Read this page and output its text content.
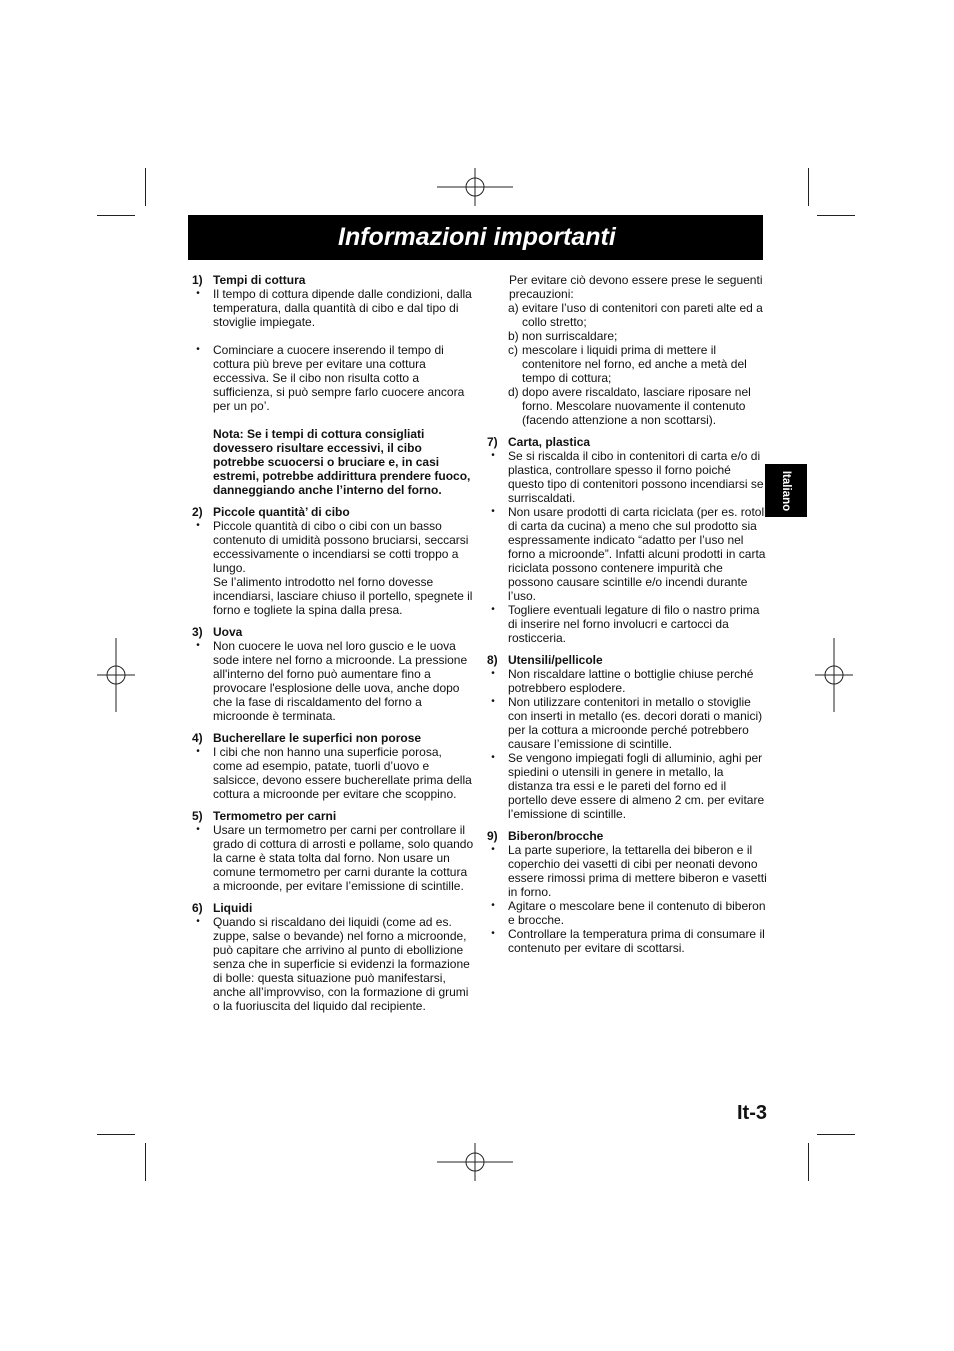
Informazioni importanti
Italiano
1) Tempi di cottura
•	Il tempo di cottura dipende dalle condizioni, dalla temperatura, dalla quantità di cibo e dal tipo di stoviglie impiegate.
•	Cominciare a cuocere inserendo il tempo di cottura più breve per evitare una cottura eccessiva. Se il cibo non risulta cotto a sufficienza, si può sempre farlo cuocere ancora per un po’.
Nota: Se i tempi di cottura consigliati dovessero risultare eccessivi, il cibo potrebbe scuocersi o bruciare e, in casi estremi, potrebbe addirittura prendere fuoco, danneggiando anche l’interno del forno.
2) Piccole quantità’ di cibo
•	Piccole quantità di cibo o cibi con un basso contenuto di umidità possono bruciarsi, seccarsi eccessivamente o incendiarsi se cotti troppo a lungo.
Se l’alimento introdotto nel forno dovesse incendiarsi, lasciare chiuso il portello, spegnete il forno e togliete la spina dalla presa.
3) Uova
•	Non cuocere le uova nel loro guscio e le uova sode intere nel forno a microonde. La pressione all'interno del forno può aumentare fino a provocare l'esplosione delle uova, anche dopo che la fase di riscaldamento del forno a microonde è terminata.
4) Bucherellare le superfici non porose
•	I cibi che non hanno una superficie porosa, come ad esempio, patate, tuorli d’uovo e salsicce, devono essere bucherellate prima della cottura a microonde per evitare che scoppino.
5) Termometro per carni
•	Usare un termometro per carni per controllare il grado di cottura di arrosti e pollame, solo quando la carne è stata tolta dal forno. Non usare un comune termometro per carni durante la cottura a microonde, per evitare l’emissione di scintille.
6) Liquidi
•	Quando si riscaldano dei liquidi (come ad es. zuppe, salse o bevande) nel forno a microonde, può capitare che arrivino al punto di ebollizione senza che in superficie si evidenzi la formazione di bolle: questa situazione può manifestarsi, anche all’improvviso, con la formazione di grumi o la fuoriuscita del liquido dal recipiente.
Per evitare ciò devono essere prese le seguenti precauzioni:
a) evitare l’uso di contenitori con pareti alte ed a collo stretto;
b) non surriscaldare;
c) mescolare i liquidi prima di mettere il contenitore nel forno, ed anche a metà del tempo di cottura;
d) dopo avere riscaldato, lasciare riposare nel forno. Mescolare nuovamente il contenuto (facendo attenzione a non scottarsi).
7) Carta, plastica
•	Se si riscalda il cibo in contenitori di carta e/o di plastica, controllare spesso il forno poiché questo tipo di contenitori possono incendiarsi se surriscaldati.
•	Non usare prodotti di carta riciclata (per es. rotoli di carta da cucina) a meno che sul prodotto sia espressamente indicato “adatto per l’uso nel forno a microonde”. Infatti alcuni prodotti in carta riciclata possono contenere impurità che possono causare scintille e/o incendi durante l’uso.
•	Togliere eventuali legature di filo o nastro prima di inserire nel forno involucri e cartocci da rosticceria.
8) Utensili/pellicole
•	Non riscaldare lattine o bottiglie chiuse perché potrebbero esplodere.
•	Non utilizzare contenitori in metallo o stoviglie con inserti in metallo (es. decori dorati o manici) per la cottura a microonde perché potrebbero causare l’emissione di scintille.
•	Se vengono impiegati fogli di alluminio, aghi per spiedini o utensili in genere in metallo, la distanza tra essi e le pareti del forno ed il portello deve essere di almeno 2 cm. per evitare l’emissione di scintille.
9) Biberon/brocche
•	La parte superiore, la tettarella dei biberon e il coperchio dei vasetti di cibi per neonati devono essere rimossi prima di mettere biberon e vasetti in forno.
•	Agitare o mescolare bene il contenuto di biberon e brocche.
•	Controllare la temperatura prima di consumare il contenuto per evitare di scottarsi.
It-3
